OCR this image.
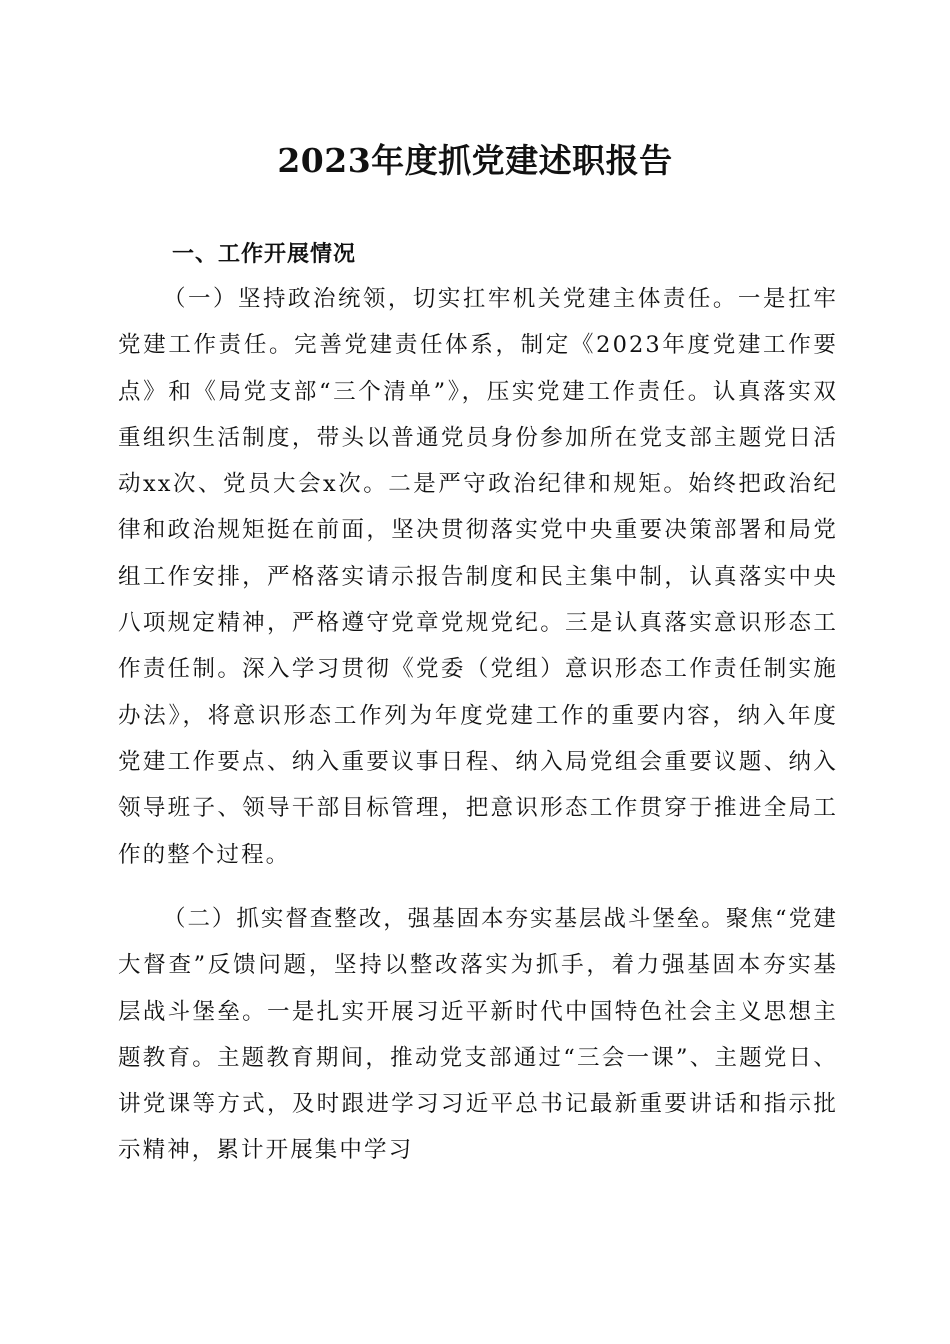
2023年度抓党建述职报告
一、工作开展情况

（一）坚持政治统领，切实扛牢机关党建主体责任。一是扛牢党建工作责任。完善党建责任体系，制定《2023年度党建工作要点》和《局党支部“三个清单”》，压实党建工作责任。认真落实双重组织生活制度，带头以普通党员身份参加所在党支部主题党日活动xx次、党员大会x次。二是严守政治纪律和规矩。始终把政治纪律和政治规矩挺在前面，坚决贯彻落实党中央重要决策部署和局党组工作安排，严格落实请示报告制度和民主集中制，认真落实中央八项规定精神，严格遵守党章党规党纪。三是认真落实意识形态工作责任制。深入学习贯彻《党委（党组）意识形态工作责任制实施办法》，将意识形态工作列为年度党建工作的重要内容，纳入年度党建工作要点、纳入重要议事日程、纳入局党组会重要议题、纳入领导班子、领导干部目标管理，把意识形态工作贯穿于推进全局工作的整个过程。

（二）抓实督查整改，强基固本夯实基层战斗堡垒。聚焦“党建大督查”反馈问题，坚持以整改落实为抓手，着力强基固本夯实基层战斗堡垒。一是扎实开展习近平新时代中国特色社会主义思想主题教育。主题教育期间，推动党支部通过“三会一课”、主题党日、讲党课等方式，及时跟进学习习近平总书记最新重要讲话和指示批示精神，累计开展集中学习
